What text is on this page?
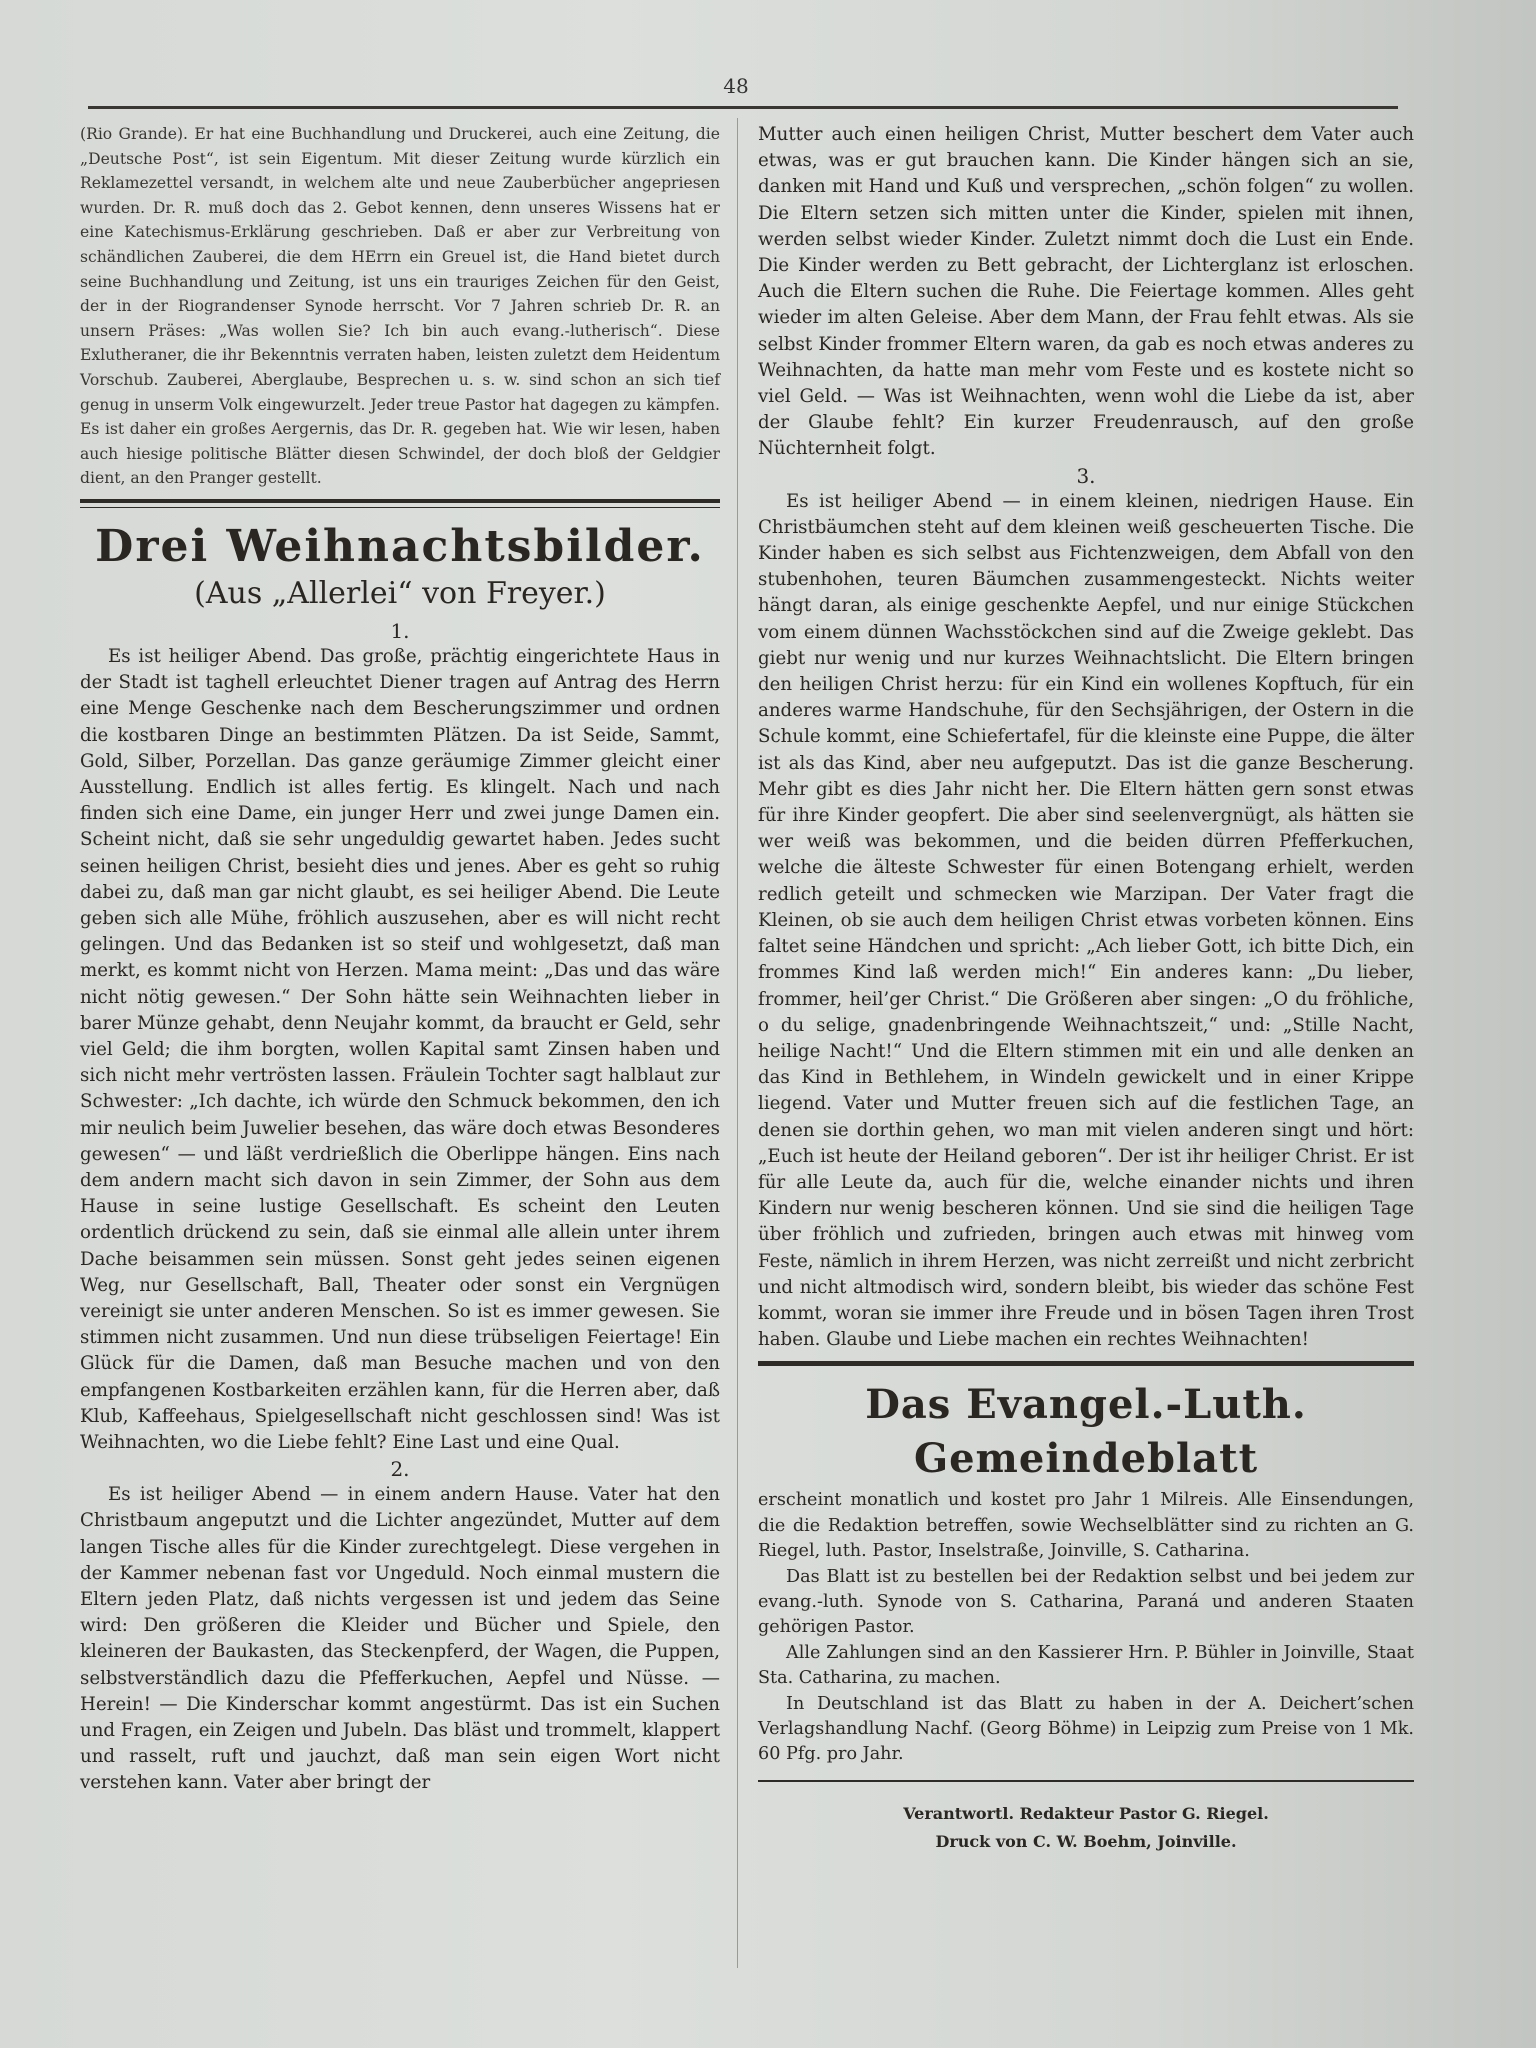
48

(Rio Grande). Er hat eine Buchhandlung und Druckerei, auch eine Zeitung, die „Deutsche Post“, ist sein Eigentum. Mit dieser Zeitung wurde kürzlich ein Reklamezettel versandt, in welchem alte und neue Zauberbücher angepriesen wurden. Dr. R. muß doch das 2. Gebot kennen, denn unseres Wissens hat er eine Katechismus-Erklärung geschrieben. Daß er aber zur Verbreitung von schändlichen Zauberei, die dem HErrn ein Greuel ist, die Hand bietet durch seine Buchhandlung und Zeitung, ist uns ein trauriges Zeichen für den Geist, der in der Riograndenser Synode herrscht. Vor 7 Jahren schrieb Dr. R. an unsern Präses: „Was wollen Sie? Ich bin auch evang.-lutherisch“. Diese Exlutheraner, die ihr Bekenntnis verraten haben, leisten zuletzt dem Heidentum Vorschub. Zauberei, Aberglaube, Besprechen u. s. w. sind schon an sich tief genug in unserm Volk eingewurzelt. Jeder treue Pastor hat dagegen zu kämpfen. Es ist daher ein großes Aergernis, das Dr. R. gegeben hat. Wie wir lesen, haben auch hiesige politische Blätter diesen Schwindel, der doch bloß der Geldgier dient, an den Pranger gestellt.

Drei Weihnachtsbilder.
(Aus „Allerlei“ von Freyer.)
1.

Es ist heiliger Abend. Das große, prächtig eingerichtete Haus in der Stadt ist taghell erleuchtet Diener tragen auf Antrag des Herrn eine Menge Geschenke nach dem Bescherungszimmer und ordnen die kostbaren Dinge an bestimmten Plätzen. Da ist Seide, Sammt, Gold, Silber, Porzellan. Das ganze geräumige Zimmer gleicht einer Ausstellung. Endlich ist alles fertig. Es klingelt. Nach und nach finden sich eine Dame, ein junger Herr und zwei junge Damen ein. Scheint nicht, daß sie sehr ungeduldig gewartet haben. Jedes sucht seinen heiligen Christ, besieht dies und jenes. Aber es geht so ruhig dabei zu, daß man gar nicht glaubt, es sei heiliger Abend. Die Leute geben sich alle Mühe, fröhlich auszusehen, aber es will nicht recht gelingen. Und das Bedanken ist so steif und wohlgesetzt, daß man merkt, es kommt nicht von Herzen. Mama meint: „Das und das wäre nicht nötig gewesen.“ Der Sohn hätte sein Weihnachten lieber in barer Münze gehabt, denn Neujahr kommt, da braucht er Geld, sehr viel Geld; die ihm borgten, wollen Kapital samt Zinsen haben und sich nicht mehr vertrösten lassen. Fräulein Tochter sagt halblaut zur Schwester: „Ich dachte, ich würde den Schmuck bekommen, den ich mir neulich beim Juwelier besehen, das wäre doch etwas Besonderes gewesen“ — und läßt verdrießlich die Oberlippe hängen. Eins nach dem andern macht sich davon in sein Zimmer, der Sohn aus dem Hause in seine lustige Gesellschaft. Es scheint den Leuten ordentlich drückend zu sein, daß sie einmal alle allein unter ihrem Dache beisammen sein müssen. Sonst geht jedes seinen eigenen Weg, nur Gesellschaft, Ball, Theater oder sonst ein Vergnügen vereinigt sie unter anderen Menschen. So ist es immer gewesen. Sie stimmen nicht zusammen. Und nun diese trübseligen Feiertage! Ein Glück für die Damen, daß man Besuche machen und von den empfangenen Kostbarkeiten erzählen kann, für die Herren aber, daß Klub, Kaffeehaus, Spielgesellschaft nicht geschlossen sind! Was ist Weihnachten, wo die Liebe fehlt? Eine Last und eine Qual.

2.

Es ist heiliger Abend — in einem andern Hause. Vater hat den Christbaum angeputzt und die Lichter angezündet, Mutter auf dem langen Tische alles für die Kinder zurechtgelegt. Diese vergehen in der Kammer nebenan fast vor Ungeduld. Noch einmal mustern die Eltern jeden Platz, daß nichts vergessen ist und jedem das Seine wird: Den größeren die Kleider und Bücher und Spiele, den kleineren der Baukasten, das Steckenpferd, der Wagen, die Puppen, selbstverständlich dazu die Pfefferkuchen, Aepfel und Nüsse. — Herein! — Die Kinderschar kommt angestürmt. Das ist ein Suchen und Fragen, ein Zeigen und Jubeln. Das bläst und trommelt, klappert und rasselt, ruft und jauchzt, daß man sein eigen Wort nicht verstehen kann. Vater aber bringt der

Mutter auch einen heiligen Christ, Mutter beschert dem Vater auch etwas, was er gut brauchen kann. Die Kinder hängen sich an sie, danken mit Hand und Kuß und versprechen, „schön folgen“ zu wollen. Die Eltern setzen sich mitten unter die Kinder, spielen mit ihnen, werden selbst wieder Kinder. Zuletzt nimmt doch die Lust ein Ende. Die Kinder werden zu Bett gebracht, der Lichterglanz ist erloschen. Auch die Eltern suchen die Ruhe. Die Feiertage kommen. Alles geht wieder im alten Geleise. Aber dem Mann, der Frau fehlt etwas. Als sie selbst Kinder frommer Eltern waren, da gab es noch etwas anderes zu Weihnachten, da hatte man mehr vom Feste und es kostete nicht so viel Geld. — Was ist Weihnachten, wenn wohl die Liebe da ist, aber der Glaube fehlt? Ein kurzer Freudenrausch, auf den große Nüchternheit folgt.

3.

Es ist heiliger Abend — in einem kleinen, niedrigen Hause. Ein Christbäumchen steht auf dem kleinen weiß gescheuerten Tische. Die Kinder haben es sich selbst aus Fichtenzweigen, dem Abfall von den stubenhohen, teuren Bäumchen zusammengesteckt. Nichts weiter hängt daran, als einige geschenkte Aepfel, und nur einige Stückchen vom einem dünnen Wachsstöckchen sind auf die Zweige geklebt. Das giebt nur wenig und nur kurzes Weihnachtslicht. Die Eltern bringen den heiligen Christ herzu: für ein Kind ein wollenes Kopftuch, für ein anderes warme Handschuhe, für den Sechsjährigen, der Ostern in die Schule kommt, eine Schiefertafel, für die kleinste eine Puppe, die älter ist als das Kind, aber neu aufgeputzt. Das ist die ganze Bescherung. Mehr gibt es dies Jahr nicht her. Die Eltern hätten gern sonst etwas für ihre Kinder geopfert. Die aber sind seelenvergnügt, als hätten sie wer weiß was bekommen, und die beiden dürren Pfefferkuchen, welche die älteste Schwester für einen Botengang erhielt, werden redlich geteilt und schmecken wie Marzipan. Der Vater fragt die Kleinen, ob sie auch dem heiligen Christ etwas vorbeten können. Eins faltet seine Händchen und spricht: „Ach lieber Gott, ich bitte Dich, ein frommes Kind laß werden mich!“ Ein anderes kann: „Du lieber, frommer, heil’ger Christ.“ Die Größeren aber singen: „O du fröhliche, o du selige, gnadenbringende Weihnachtszeit,“ und: „Stille Nacht, heilige Nacht!“ Und die Eltern stimmen mit ein und alle denken an das Kind in Bethlehem, in Windeln gewickelt und in einer Krippe liegend. Vater und Mutter freuen sich auf die festlichen Tage, an denen sie dorthin gehen, wo man mit vielen anderen singt und hört: „Euch ist heute der Heiland geboren“. Der ist ihr heiliger Christ. Er ist für alle Leute da, auch für die, welche einander nichts und ihren Kindern nur wenig bescheren können. Und sie sind die heiligen Tage über fröhlich und zufrieden, bringen auch etwas mit hinweg vom Feste, nämlich in ihrem Herzen, was nicht zerreißt und nicht zerbricht und nicht altmodisch wird, sondern bleibt, bis wieder das schöne Fest kommt, woran sie immer ihre Freude und in bösen Tagen ihren Trost haben. Glaube und Liebe machen ein rechtes Weihnachten!

Das Evangel.-Luth. Gemeindeblatt

erscheint monatlich und kostet pro Jahr 1 Milreis. Alle Einsendungen, die die Redaktion betreffen, sowie Wechselblätter sind zu richten an G. Riegel, luth. Pastor, Inselstraße, Joinville, S. Catharina.

Das Blatt ist zu bestellen bei der Redaktion selbst und bei jedem zur evang.-luth. Synode von S. Catharina, Paraná und anderen Staaten gehörigen Pastor.

Alle Zahlungen sind an den Kassierer Hrn. P. Bühler in Joinville, Staat Sta. Catharina, zu machen.

In Deutschland ist das Blatt zu haben in der A. Deichert’schen Verlagshandlung Nachf. (Georg Böhme) in Leipzig zum Preise von 1 Mk. 60 Pfg. pro Jahr.

Verantwortl. Redakteur Pastor G. Riegel.
Druck von C. W. Boehm, Joinville.
